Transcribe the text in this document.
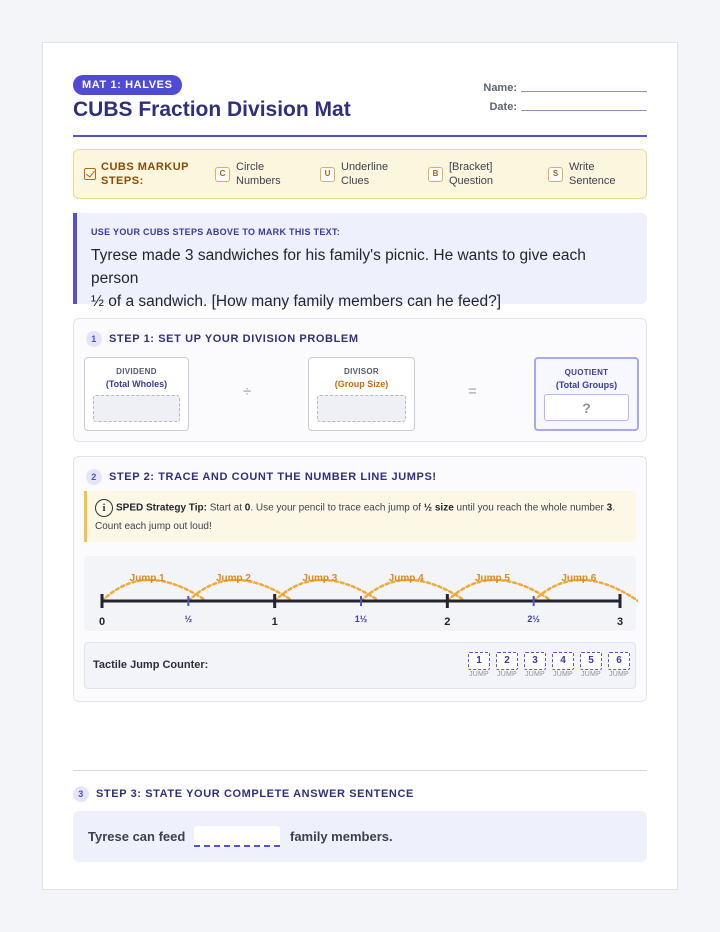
MAT 1: HALVES
CUBS Fraction Division Mat
Name:
Date:
CUBS MARKUP
STEPS:
C
Circle
Numbers
U
Underline
Clues
B
[Bracket]
Question
S
Write
Sentence
USE YOUR CUBS STEPS ABOVE TO MARK THIS TEXT:
Tyrese made 3 sandwiches for his family's picnic. He wants to give each person
½ of a sandwich. [How many family members can he feed?]
1	STEP 1: SET UP YOUR DIVISION PROBLEM
DIVIDEND
(Total Wholes)	÷
DIVISOR
(Group Size)	=
QUOTIENT
(Total Groups)
?
2	STEP 2: TRACE AND COUNT THE NUMBER LINE JUMPS!
i SPED Strategy Tip: Start at 0. Use your pencil to trace each jump of ½ size until you reach the whole number 3.
Count each jump out loud!
Jump 1	Jump 2	Jump 3	Jump 4	Jump 5	Jump 6
0	½	1	1½	2	2½	3
Tactile Jump Counter:	1
JUMP
2
JUMP
3
JUMP
4
JUMP
5
JUMP
6
JUMP
3	STEP 3: STATE YOUR COMPLETE ANSWER SENTENCE
Tyrese can feed	family members.
